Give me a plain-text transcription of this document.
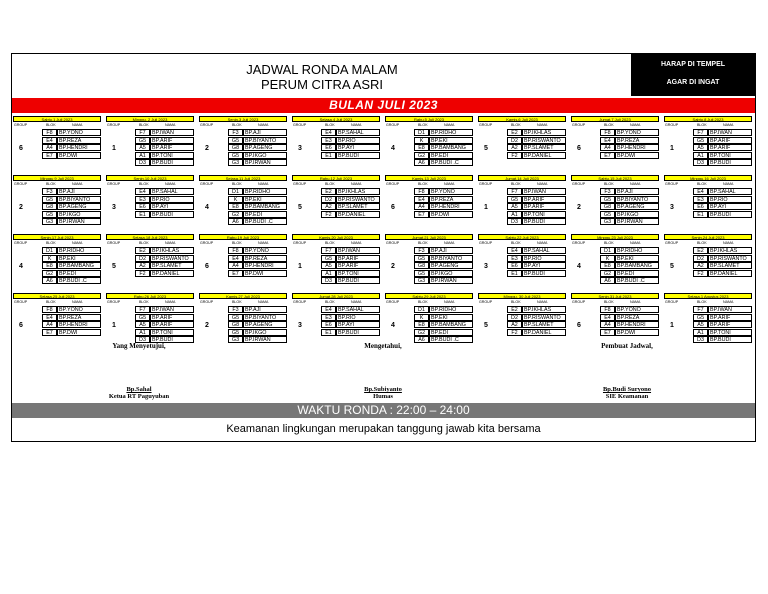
JADWAL RONDA MALAM
PERUM CITRA ASRI
HARAP DI TEMPEL
AGAR DI INGAT
BULAN JULI 2023
Sabtu,1 Juli 2023
GROUP	BLOK	NAMA
6
F8	BP.YONO
E4	BP.REZA
A4	BP.HENDRI
E7	BP.DWI
Minggu, 2 Juli 2023
GROUP	BLOK	NAMA
1
F7	BP.IWAN
G5	BP.ARIF
A5	BP.ARIF
A1	BP.TONI
D3	BP.BUDI
Senin,3 Juli 2023
GROUP	BLOK	NAMA
2
F3	BP.AJI
G5	BP.BIYANTO
G8	BP.AGENG
G5	BP.IKGO
G3	BP.IRWAN
Selasa,4 Juli 2023
GROUP	BLOK	NAMA
3
E4	BP.SAHAL
E3	BP.RIO
E6	BP.AYI
E1	BP.BUDI
Rabu,5 Juli 2023
GROUP	BLOK	NAMA
4
D1	BP.RIDHO
K	BP.EKI
E8	BP.BAMBANG
G2	BP.EDI
A6	BP.BUDI .C
Kamis,6 Juli 2023
GROUP	BLOK	NAMA
5
E2	BP.IKHLAS
D2	BP.RISWANTO
A2	BP.SLAMET
F2	BP.DANIEL
Jumat,7 Juli 2023
GROUP	BLOK	NAMA
6
F8	BP.YONO
E4	BP.REZA
A4	BP.HENDRI
E7	BP.DWI
Sabtu,8 Juli 2023
GROUP	BLOK	NAMA
1
F7	BP.IWAN
G5	BP.ARIF
A5	BP.ARIF
A1	BP.TONI
D3	BP.BUDI
Minggu 9 Juli 2023
GROUP	BLOK	NAMA
2
F3	BP.AJI
G5	BP.BIYANTO
G8	BP.AGENG
G5	BP.IKGO
G3	BP.IRWAN
Senin,10 Juli 2023
GROUP	BLOK	NAMA
3
E4	BP.SAHAL
E3	BP.RIO
E6	BP.AYI
E1	BP.BUDI
Selasa,11 Juli 2023
GROUP	BLOK	NAMA
4
D1	BP.RIDHO
K	BP.EKI
E8	BP.BAMBANG
G2	BP.EDI
A6	BP.BUDI .C
Rabu,12 Juli 2023
GROUP	BLOK	NAMA
5
E2	BP.IKHLAS
D2	BP.RISWANTO
A2	BP.SLAMET
F2	BP.DANIEL
Kamis,13 Juli 2023
GROUP	BLOK	NAMA
6
F8	BP.YONO
E4	BP.REZA
A4	BP.HENDRI
E7	BP.DWI
Jumat,14 Juli 2023
GROUP	BLOK	NAMA
1
F7	BP.IWAN
G5	BP.ARIF
A5	BP.ARIF
A1	BP.TONI
D3	BP.BUDI
Sabtu,15 Juli 2023
GROUP	BLOK	NAMA
2
F3	BP.AJI
G5	BP.BIYANTO
G8	BP.AGENG
G5	BP.IKGO
G3	BP.IRWAN
Minggu,16 Juli 2023
GROUP	BLOK	NAMA
3
E4	BP.SAHAL
E3	BP.RIO
E6	BP.AYI
E1	BP.BUDI
Senin,17 Juli 2023
GROUP	BLOK	NAMA
4
D1	BP.RIDHO
K	BP.EKI
E8	BP.BAMBANG
G2	BP.EDI
A6	BP.BUDI .C
Selasa,18 Juli 2023
GROUP	BLOK	NAMA
5
E2	BP.IKHLAS
D2	BP.RISWANTO
A2	BP.SLAMET
F2	BP.DANIEL
Rabu,19 Juli 2023
GROUP	BLOK	NAMA
6
F8	BP.YONO
E4	BP.REZA
A4	BP.HENDRI
E7	BP.DWI
Kamis,20 Juli 2023
GROUP	BLOK	NAMA
1
F7	BP.IWAN
G5	BP.ARIF
A5	BP.ARIF
A1	BP.TONI
D3	BP.BUDI
Jumat,21 Juli 2023
GROUP	BLOK	NAMA
2
F3	BP.AJI
G5	BP.BIYANTO
G8	BP.AGENG
G5	BP.IKGO
G3	BP.IRWAN
Sabtu,22 Juli 2023
GROUP	BLOK	NAMA
3
E4	BP.SAHAL
E3	BP.RIO
E6	BP.AYI
E1	BP.BUDI
Minggu,23 Juli 2023
GROUP	BLOK	NAMA
4
D1	BP.RIDHO
K	BP.EKI
E8	BP.BAMBANG
G2	BP.EDI
A6	BP.BUDI .C
Senin,24 Juli 2023
GROUP	BLOK	NAMA
5
E2	BP.IKHLAS
D2	BP.RISWANTO
A2	BP.SLAMET
F2	BP.DANIEL
Selasa,25 Juli 2023
GROUP	BLOK	NAMA
6
F8	BP.YONO
E4	BP.REZA
A4	BP.HENDRI
E7	BP.DWI
Rabu,26 Juli 2023
GROUP	BLOK	NAMA
1
F7	BP.IWAN
G5	BP.ARIF
A5	BP.ARIF
A1	BP.TONI
D3	BP.BUDI
Kamis,27 Juli 2023
GROUP	BLOK	NAMA
2
F3	BP.AJI
G5	BP.BIYANTO
G8	BP.AGENG
G5	BP.IKGO
G3	BP.IRWAN
Jumat,28 Juli 2023
GROUP	BLOK	NAMA
3
E4	BP.SAHAL
E3	BP.RIO
E6	BP.AYI
E1	BP.BUDI
Sabtu,29 Juli 2023
GROUP	BLOK	NAMA
4
D1	BP.RIDHO
K	BP.EKI
E8	BP.BAMBANG
G2	BP.EDI
A6	BP.BUDI .C
Minggu, 30 Juli 2023
GROUP	BLOK	NAMA
5
E2	BP.IKHLAS
D2	BP.RISWANTO
A2	BP.SLAMET
F2	BP.DANIEL
Senin,31 Juli 2023
GROUP	BLOK	NAMA
6
F8	BP.YONO
E4	BP.REZA
A4	BP.HENDRI
E7	BP.DWI
Selasa,1 Agustus 2023
GROUP	BLOK	NAMA
1
F7	BP.IWAN
G5	BP.ARIF
A5	BP.ARIF
A1	BP.TONI
D3	BP.BUDI
Yang Menyetujui,	Mengetahui,	Pembuat Jadwal,
Bp.Sahal
Ketua RT Paguyuban
Bp.Subiyanto
Humas
Bp.Budi Suryono
SIE Keamanan
WAKTU RONDA : 22:00 – 24:00
Keamanan lingkungan merupakan tanggung jawab kita bersama
